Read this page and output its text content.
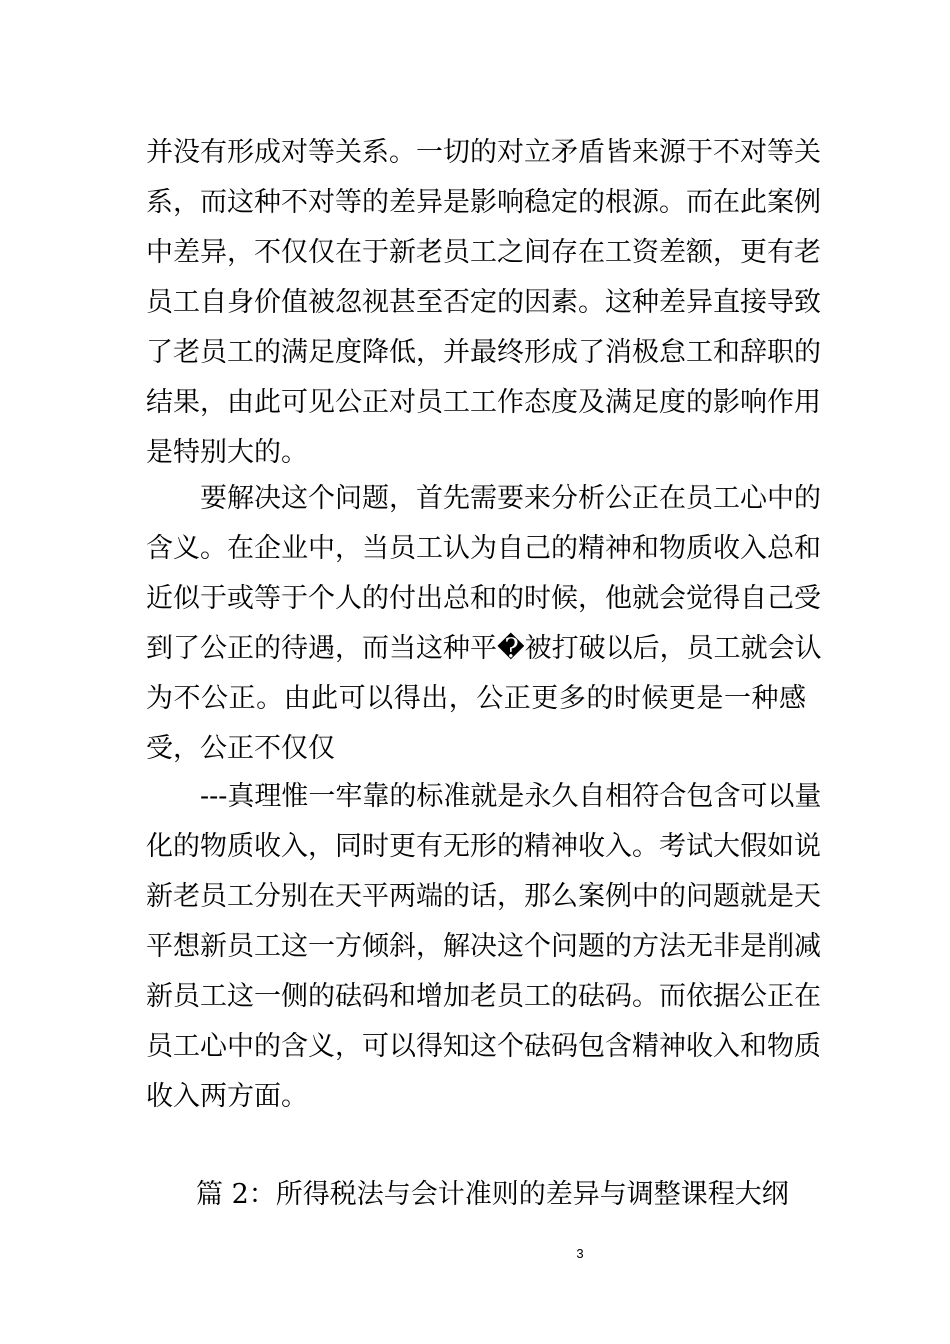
并没有形成对等关系。一切的对立矛盾皆来源于不对等关
系，而这种不对等的差异是影响稳定的根源。而在此案例
中差异，不仅仅在于新老员工之间存在工资差额，更有老
员工自身价值被忽视甚至否定的因素。这种差异直接导致
了老员工的满足度降低，并最终形成了消极怠工和辞职的
结果，由此可见公正对员工工作态度及满足度的影响作用
是特别大的。
　　要解决这个问题，首先需要来分析公正在员工心中的
含义。在企业中，当员工认为自己的精神和物质收入总和
近似于或等于个人的付出总和的时候，他就会觉得自己受
到了公正的待遇，而当这种平�被打破以后，员工就会认
为不公正。由此可以得出，公正更多的时候更是一种感
受，公正不仅仅
　　---真理惟一牢靠的标准就是永久自相符合包含可以量
化的物质收入，同时更有无形的精神收入。考试大假如说
新老员工分别在天平两端的话，那么案例中的问题就是天
平想新员工这一方倾斜，解决这个问题的方法无非是削减
新员工这一侧的砝码和增加老员工的砝码。而依据公正在
员工心中的含义，可以得知这个砝码包含精神收入和物质
收入两方面。
篇 2：所得税法与会计准则的差异与调整课程大纲
3
